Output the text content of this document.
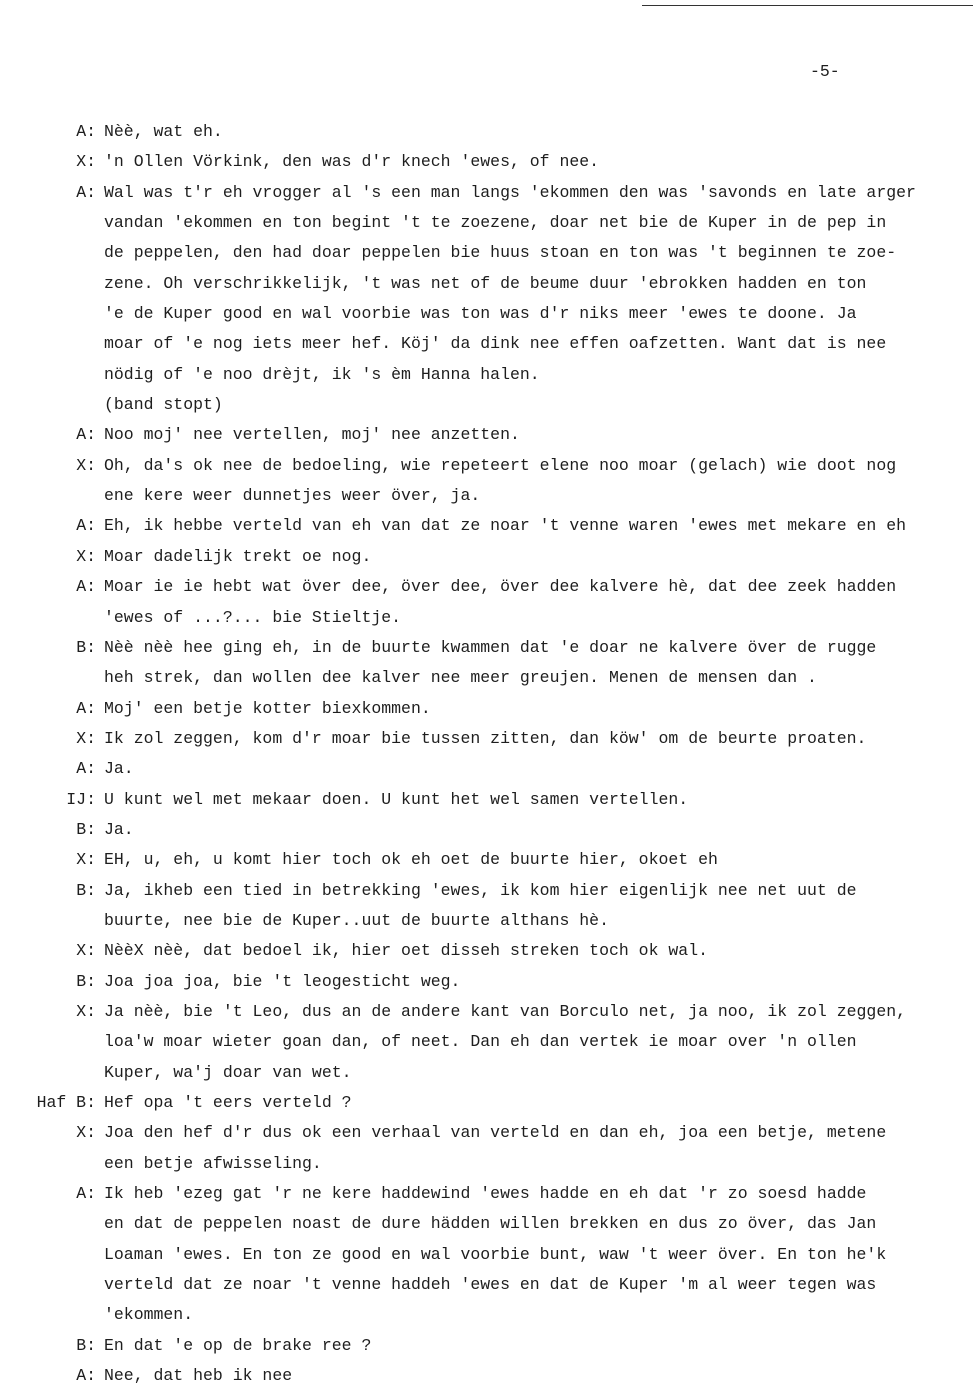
-5-
A: Nèè, wat eh.
X: 'n Ollen Vörkink, den was d'r knech 'ewes, of nee.
A: Wal was t'r eh vrogger al 's een man langs 'ekommen den was 'savonds en late arger
vandan 'ekommen en ton begint 't te zoezene, doar net bie de Kuper in de pep in
de peppelen, den had doar peppelen bie huus stoan en ton was 't beginnen te zoe-
zene. Oh verschrikkelijk, 't was net of de beume duur 'ebrokken hadden en ton
'e de Kuper good en wal voorbie was ton was d'r niks meer 'ewes te doone. Ja
moar of 'e nog iets meer hef. Köj' da dink nee effen oafzetten. Want dat is nee
nödig of 'e noo drèjt, ik 's èm Hanna halen.
(band stopt)
A: Noo moj' nee vertellen, moj' nee anzetten.
X: Oh, da's ok nee de bedoeling, wie repeteert elene noo moar (gelach) wie doot nog
ene kere weer dunnetjes weer över, ja.
A: Eh, ik hebbe verteld van eh van dat ze noar 't venne waren 'ewes met mekare en eh
X: Moar dadelijk trekt oe nog.
A: Moar ie ie hebt wat över dee, över dee, över dee kalvere hè, dat dee zeek hadden
'ewes of ...?... bie Stieltje.
B: Nèè nèè hee ging eh, in de buurte kwammen dat 'e doar ne kalvere över de rugge
heh strek, dan wollen dee kalver nee meer greujen. Menen de mensen dan .
A: Moj' een betje kotter biexkommen.
X: Ik zol zeggen, kom d'r moar bie tussen zitten, dan köw' om de beurte proaten.
A: Ja.
IJ: U kunt wel met mekaar doen. U kunt het wel samen vertellen.
B: Ja.
X: EH, u, eh, u komt hier toch ok eh oet de buurte hier, okoet eh
B: Ja, ikheb een tied in betrekking 'ewes, ik kom hier eigenlijk nee net uut de
buurte, nee bie de Kuper..uut de buurte althans hè.
X: NèèX nèè, dat bedoel ik, hier oet disseh streken toch ok wal.
B: Joa joa joa, bie 't leogesticht weg.
X: Ja nèè, bie 't Leo, dus an de andere kant van Borculo net, ja noo, ik zol zeggen,
loa'w moar wieter goan dan, of neet. Dan eh dan vertek ie moar over 'n ollen
Kuper, wa'j doar van wet.
Haf B: Hef opa 't eers verteld ?
X: Joa den hef d'r dus ok een verhaal van verteld en dan eh, joa een betje, metene
een betje afwisseling.
A: Ik heb 'ezeg gat 'r ne kere haddewind 'ewes hadde en eh dat 'r zo soesd hadde
en dat de peppelen noast de dure hädden willen brekken en dus zo över, das Jan
Loaman 'ewes. En ton ze good en wal voorbie bunt, waw 't weer över. En ton he'k
verteld dat ze noar 't venne haddeh 'ewes en dat de Kuper 'm al weer tegen was
'ekommen.
B: En dat 'e op de brake ree ?
A: Nee, dat heb ik nee
